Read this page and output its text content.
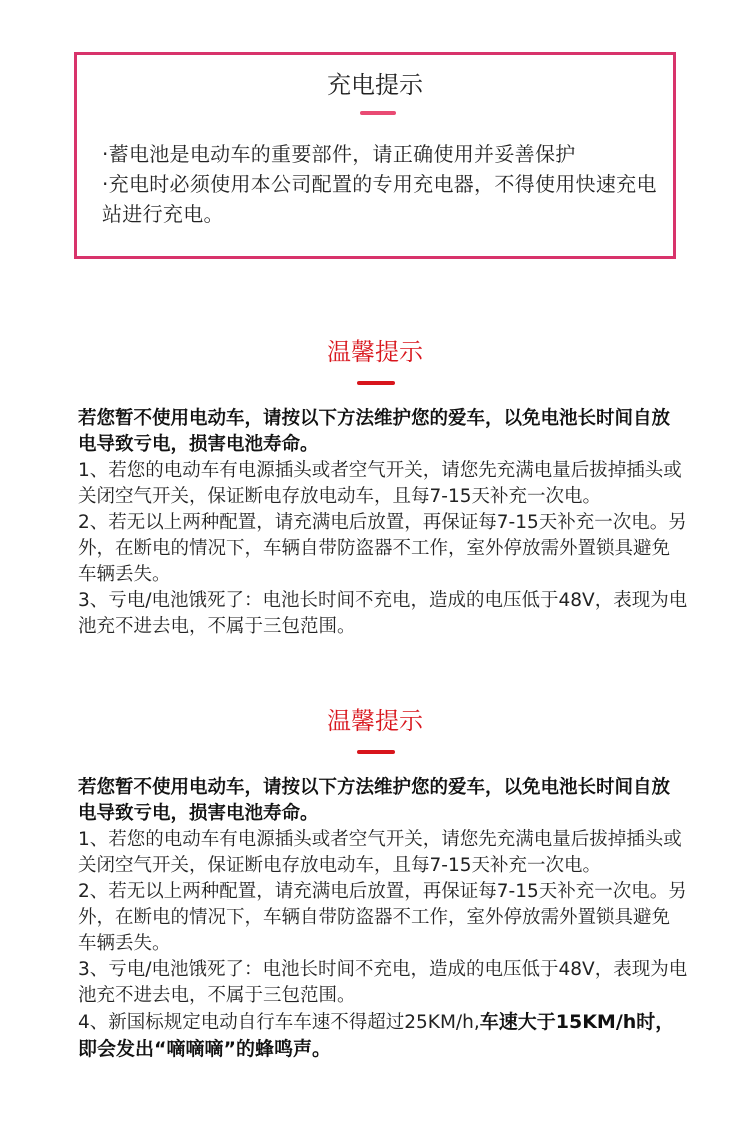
充电提示

·蓄电池是电动车的重要部件，请正确使用并妥善保护

·充电时必须使用本公司配置的专用充电器，不得使用快速充电站进行充电。

温馨提示

若您暂不使用电动车，请按以下方法维护您的爱车，以免电池长时间自放电导致亏电，损害电池寿命。

1、若您的电动车有电源插头或者空气开关，请您先充满电量后拔掉插头或关闭空气开关，保证断电存放电动车，且每7-15天补充一次电。

2、若无以上两种配置，请充满电后放置，再保证每7-15天补充一次电。另外，在断电的情况下，车辆自带防盗器不工作，室外停放需外置锁具避免车辆丢失。

3、亏电/电池饿死了：电池长时间不充电，造成的电压低于48V，表现为电池充不进去电，不属于三包范围。

温馨提示

若您暂不使用电动车，请按以下方法维护您的爱车，以免电池长时间自放电导致亏电，损害电池寿命。

1、若您的电动车有电源插头或者空气开关，请您先充满电量后拔掉插头或关闭空气开关，保证断电存放电动车，且每7-15天补充一次电。

2、若无以上两种配置，请充满电后放置，再保证每7-15天补充一次电。另外，在断电的情况下，车辆自带防盗器不工作，室外停放需外置锁具避免车辆丢失。

3、亏电/电池饿死了：电池长时间不充电，造成的电压低于48V，表现为电池充不进去电，不属于三包范围。

4、新国标规定电动自行车车速不得超过25KM/h,车速大于15KM/h时，即会发出“嘀嘀嘀”的蜂鸣声。
